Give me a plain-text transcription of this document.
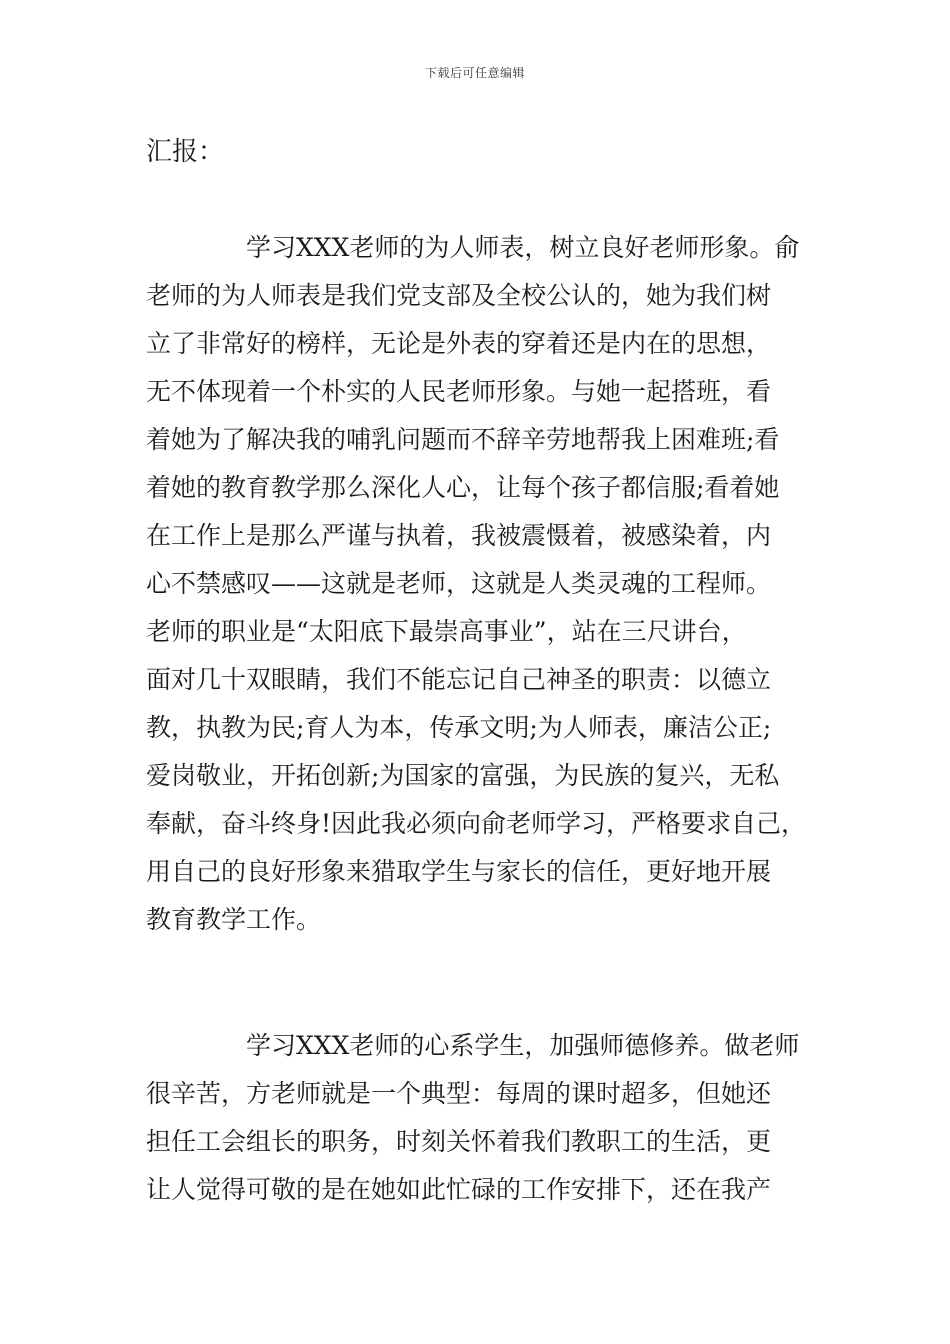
下载后可任意编辑
汇报：
学习XXX老师的为人师表，树立良好老师形象。俞
老师的为人师表是我们党支部及全校公认的，她为我们树
立了非常好的榜样，无论是外表的穿着还是内在的思想，
无不体现着一个朴实的人民老师形象。与她一起搭班，看
着她为了解决我的哺乳问题而不辞辛劳地帮我上困难班;看
着她的教育教学那么深化人心，让每个孩子都信服;看着她
在工作上是那么严谨与执着，我被震慑着，被感染着，内
心不禁感叹——这就是老师，这就是人类灵魂的工程师。
老师的职业是“太阳底下最崇高事业”，站在三尺讲台，
面对几十双眼睛，我们不能忘记自己神圣的职责：以德立
教，执教为民;育人为本，传承文明;为人师表，廉洁公正;
爱岗敬业，开拓创新;为国家的富强，为民族的复兴，无私
奉献，奋斗终身!因此我必须向俞老师学习，严格要求自己，
用自己的良好形象来猎取学生与家长的信任，更好地开展
教育教学工作。
学习XXX老师的心系学生，加强师德修养。做老师
很辛苦，方老师就是一个典型：每周的课时超多，但她还
担任工会组长的职务，时刻关怀着我们教职工的生活，更
让人觉得可敬的是在她如此忙碌的工作安排下，还在我产
